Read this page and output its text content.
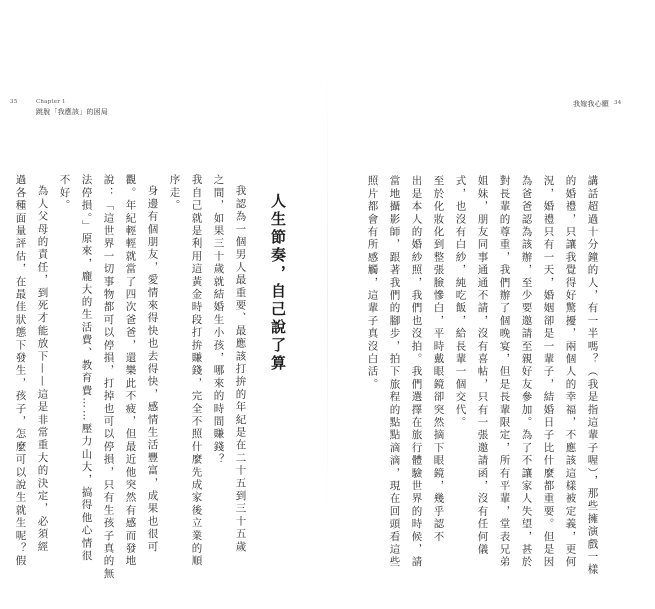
35	Chapter 1
跳脫「我應該」的困局
我嫁我心願 34
講話超過十分鐘的人，有一半嗎？（我是指這輩子喔），那些擁演戲一樣
的婚禮，只讓我覺得好驚擾，兩個人的幸福，不應該這樣被定義，更何
況，婚禮只有一天，婚姻卻是一輩子，結婚日子比什麼都重要。但是因
為爸爸認為該辦，至少要邀請至親好友參加。為了不讓家人失望，甚於
對長輩的尊重，我們辦了個晚宴，但是長輩限定，所有平輩，堂表兄弟
姐妹，朋友同事通通不請，沒有喜帖，只有一張邀請函，沒有任何儀
式，也沒有白紗，純吃飯，給長輩一個交代。
至於化妝化到整張臉慘白，平時戴眼鏡卻突然摘下眼鏡，幾乎認不
出是本人的婚紗照，我們也沒拍。我們選擇在旅行體驗世界的時候，請
當地攝影師，跟著我們的腳步，拍下旅程的點點滴滴，現在回頭看這些
照片都會有所感觸，這輩子真沒白活。
人生節奏，自己說了算
我認為一個男人最重要、最應該打拚的年紀是在二十五到三十五歲
之間，如果三十歲就結婚生小孩，哪來的時間賺錢？
我自己就是利用這黃金時段打拚賺錢，完全不照什麼先成家後立業的順
序走。
身邊有個朋友，愛情來得快也去得快，感情生活豐富，成果也很可
觀。年紀輕輕就當了四次爸爸，還樂此不疲，但最近他突然有感而發地
說：「這世界一切事物都可以停損，打掉也可以停損，只有生孩子真的無
法停損。」原來，龐大的生活費、教育費……壓力山大，搞得他心情很
不好。
為人父母的責任，到死才能放下——這是非常重大的決定，必須經
過各種面量評估，在最佳狀態下發生，孩子，怎麼可以說生就生呢？假
